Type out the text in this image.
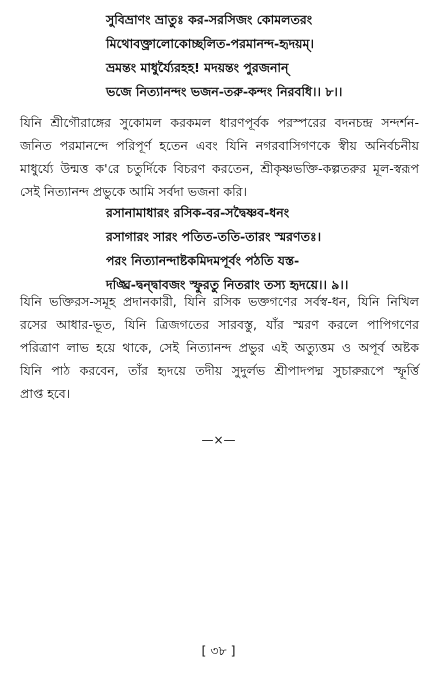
সুবিভ্রাণং ভ্রাতুঃ কর-সরসিজং কোমলতরং
মিথোবক্ত্রালোকোচ্ছলিত-পরমানন্দ-হৃদয়ম্।
ভ্রমন্তং মাধুর্য্যৈরহহ! মদয়ন্তং পুরজনান্
ভজে নিত্যানন্দং ভজন-তরু-কন্দং নিরবধি।। ৮।।
যিনি শ্রীগৌরাঙ্গের সুকোমল করকমল ধারণপূর্বক পরস্পরের বদনচন্দ্র সন্দর্শন-
জনিত পরমানন্দে পরিপূর্ণ হতেন এবং যিনি নগরবাসিগণকে স্বীয় অনির্বচনীয়
মাধুর্য্যে উন্মত্ত ক'রে চতুর্দিকে বিচরণ করতেন, শ্রীকৃষ্ণভক্তি-কল্পতরুর মূল-স্বরূপ
সেই নিত্যানন্দ প্রভুকে আমি সর্বদা ভজনা করি।
রসানামাধারং রসিক-বর-সদ্বৈষ্ণব-ধনং
রসাগারং সারং পতিত-ততি-তারং স্মরণতঃ।
পরং নিত্যানন্দাষ্টকমিদমপূর্বং পঠতি যস্ত-
দঙ্ঘ্রি-দ্বন্দ্বাবজং স্ফুরতু নিতরাং তস্য হৃদয়ে।। ৯।।
যিনি ভক্তিরস-সমূহ প্রদানকারী, যিনি রসিক ভক্তগণের সর্বস্ব-ধন, যিনি নিখিল
রসের আধার-ভূত, যিনি ত্রিজগতের সারবস্তু, যাঁর স্মরণ করলে পাপিগণের
পরিত্রাণ লাভ হয়ে থাকে, সেই নিত্যানন্দ প্রভুর এই অত্যুত্তম ও অপূর্ব অষ্টক
যিনি পাঠ করবেন, তাঁর হৃদয়ে তদীয় সুদুর্লভ শ্রীপাদপদ্ম সুচারুরূপে স্ফূর্ত্তি
প্রাপ্ত হবে।
—×—
[ ৩৮ ]
